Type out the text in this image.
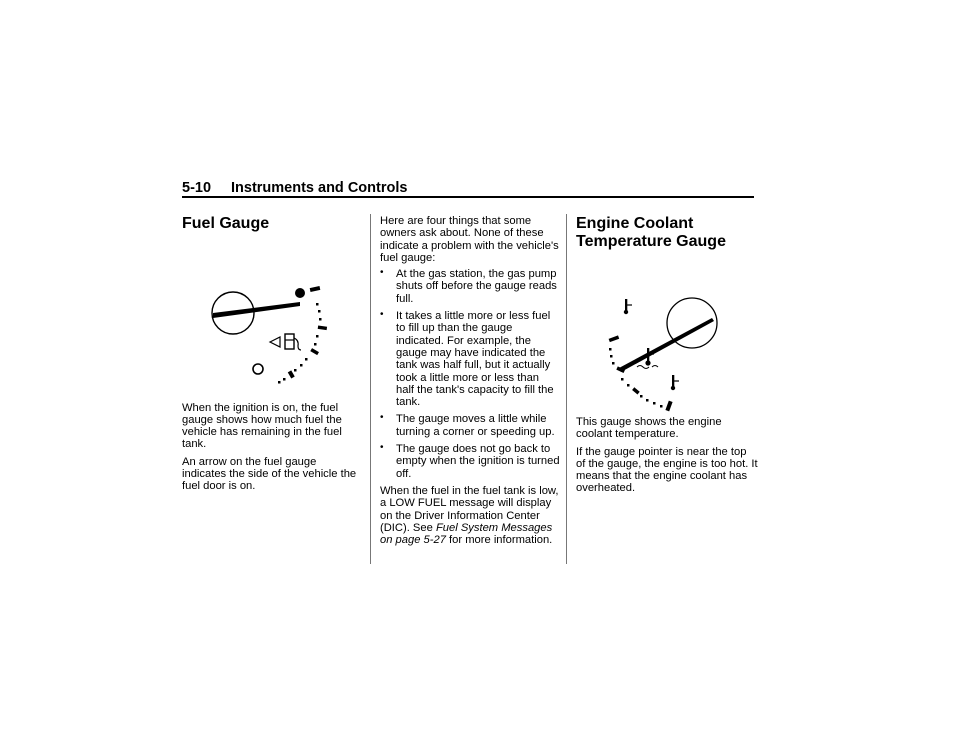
5-10 Instruments and Controls
Fuel Gauge

When the ignition is on, the fuel gauge shows how much fuel the vehicle has remaining in the fuel tank.

An arrow on the fuel gauge indicates the side of the vehicle the fuel door is on.

Here are four things that some owners ask about. None of these indicate a problem with the vehicle's fuel gauge:

• At the gas station, the gas pump shuts off before the gauge reads full.
• It takes a little more or less fuel to fill up than the gauge indicated. For example, the gauge may have indicated the tank was half full, but it actually took a little more or less than half the tank's capacity to fill the tank.
• The gauge moves a little while turning a corner or speeding up.
• The gauge does not go back to empty when the ignition is turned off.

When the fuel in the fuel tank is low, a LOW FUEL message will display on the Driver Information Center (DIC). See Fuel System Messages on page 5-27 for more information.

Engine Coolant
Temperature Gauge

This gauge shows the engine coolant temperature.

If the gauge pointer is near the top of the gauge, the engine is too hot. It means that the engine coolant has overheated.
